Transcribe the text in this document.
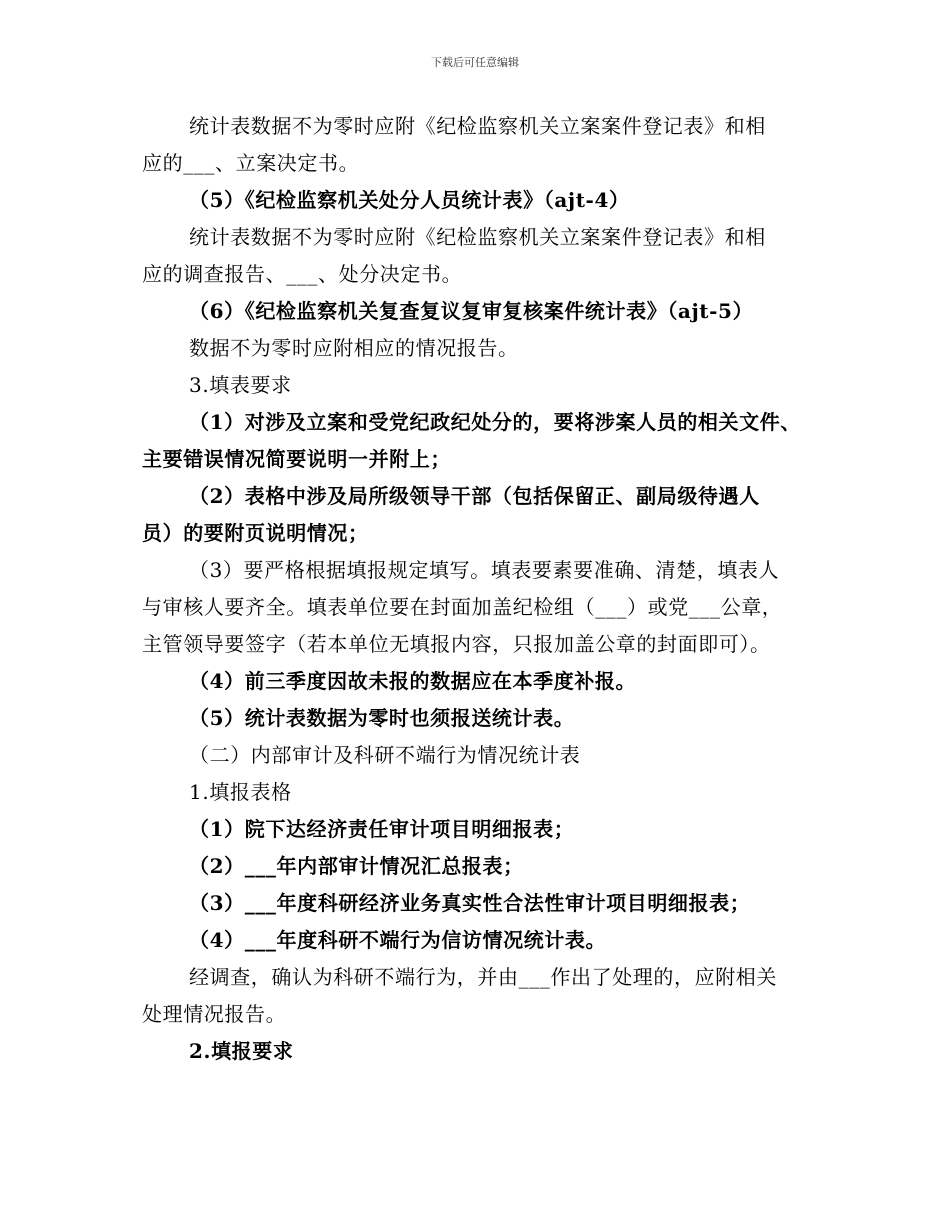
下载后可任意编辑
统计表数据不为零时应附《纪检监察机关立案案件登记表》和相
应的___、立案决定书。
（5）《纪检监察机关处分人员统计表》（ajt-4）
统计表数据不为零时应附《纪检监察机关立案案件登记表》和相
应的调查报告、___、处分决定书。
（6）《纪检监察机关复查复议复审复核案件统计表》（ajt-5）
数据不为零时应附相应的情况报告。
3.填表要求
（1）对涉及立案和受党纪政纪处分的，要将涉案人员的相关文件、
主要错误情况简要说明一并附上；
（2）表格中涉及局所级领导干部（包括保留正、副局级待遇人
员）的要附页说明情况；
（3）要严格根据填报规定填写。填表要素要准确、清楚，填表人
与审核人要齐全。填表单位要在封面加盖纪检组（___）或党___公章，
主管领导要签字（若本单位无填报内容，只报加盖公章的封面即可）。
（4）前三季度因故未报的数据应在本季度补报。
（5）统计表数据为零时也须报送统计表。
（二）内部审计及科研不端行为情况统计表
1.填报表格
（1）院下达经济责任审计项目明细报表；
（2）___年内部审计情况汇总报表；
（3）___年度科研经济业务真实性合法性审计项目明细报表；
（4）___年度科研不端行为信访情况统计表。
经调查，确认为科研不端行为，并由___作出了处理的，应附相关
处理情况报告。
2.填报要求
